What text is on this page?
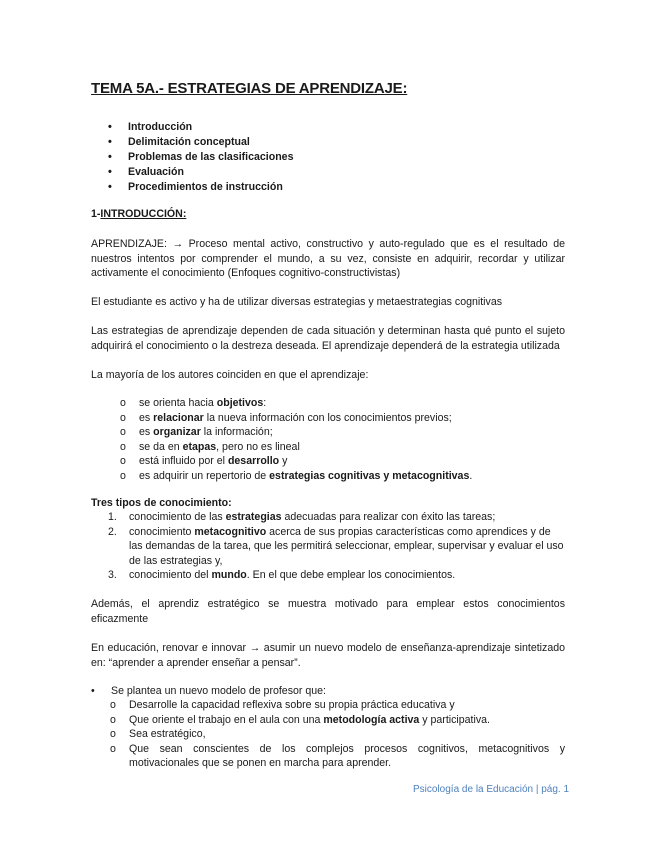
TEMA 5A.- ESTRATEGIAS DE APRENDIZAJE:
• Introducción
• Delimitación conceptual
• Problemas de las clasificaciones
• Evaluación
• Procedimientos de instrucción
1-INTRODUCCIÓN:
APRENDIZAJE: → Proceso mental activo, constructivo y auto-regulado que es el resultado de nuestros intentos por comprender el mundo, a su vez, consiste en adquirir, recordar y utilizar activamente el conocimiento (Enfoques cognitivo-constructivistas)
El estudiante es activo y ha de utilizar diversas estrategias y metaestrategias cognitivas
Las estrategias de aprendizaje dependen de cada situación y determinan hasta qué punto el sujeto adquirirá el conocimiento o la destreza deseada. El aprendizaje dependerá de la estrategia utilizada
La mayoría de los autores coinciden en que el aprendizaje:
o se orienta hacia objetivos:
o es relacionar la nueva información con los conocimientos previos;
o es organizar la información;
o se da en etapas, pero no es lineal
o está influido por el desarrollo y
o es adquirir un repertorio de estrategias cognitivas y metacognitivas.
Tres tipos de conocimiento:
1. conocimiento de las estrategias adecuadas para realizar con éxito las tareas;
2. conocimiento metacognitivo acerca de sus propias características como aprendices y de las demandas de la tarea, que les permitirá seleccionar, emplear, supervisar y evaluar el uso de las estrategias y,
3. conocimiento del mundo. En el que debe emplear los conocimientos.
Además, el aprendiz estratégico se muestra motivado para emplear estos conocimientos eficazmente
En educación, renovar e innovar → asumir un nuevo modelo de enseñanza-aprendizaje sintetizado en: “aprender a aprender enseñar a pensar”.
• Se plantea un nuevo modelo de profesor que:
o Desarrolle la capacidad reflexiva sobre su propia práctica educativa y
o Que oriente el trabajo en el aula con una metodología activa y participativa.
o Sea estratégico,
o Que sean conscientes de los complejos procesos cognitivos, metacognitivos y motivacionales que se ponen en marcha para aprender.
Psicología de la Educación | pág. 1
